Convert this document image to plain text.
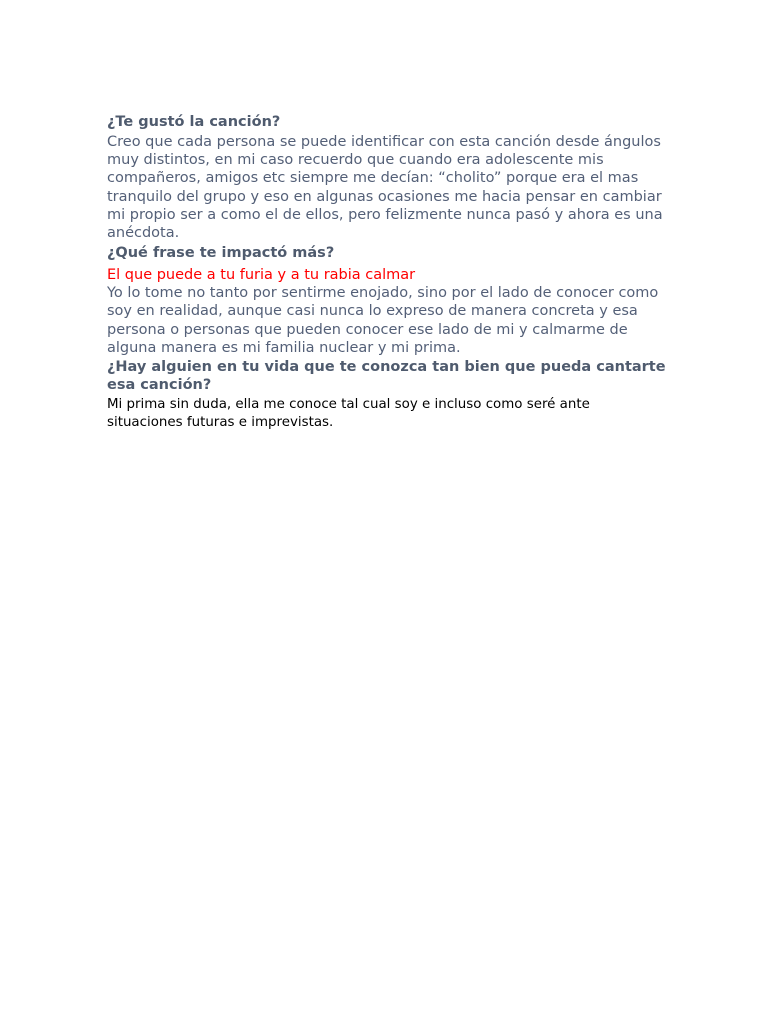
¿Te gustó la canción?

Creo que cada persona se puede identificar con esta canción desde ángulos muy distintos, en mi caso recuerdo que cuando era adolescente mis compañeros, amigos etc siempre me decían: “cholito” porque era el mas tranquilo del grupo y eso en algunas ocasiones me hacia pensar en cambiar mi propio ser a como el de ellos, pero felizmente nunca pasó y ahora es una anécdota.

¿Qué frase te impactó más?

El que puede a tu furia y a tu rabia calmar

Yo lo tome no tanto por sentirme enojado, sino por el lado de conocer como soy en realidad, aunque casi nunca lo expreso de manera concreta y esa persona o personas que pueden conocer ese lado de mi y calmarme de alguna manera es mi familia nuclear y mi prima.

¿Hay alguien en tu vida que te conozca tan bien que pueda cantarte esa canción?

Mi prima sin duda, ella me conoce tal cual soy e incluso como seré ante situaciones futuras e imprevistas.
